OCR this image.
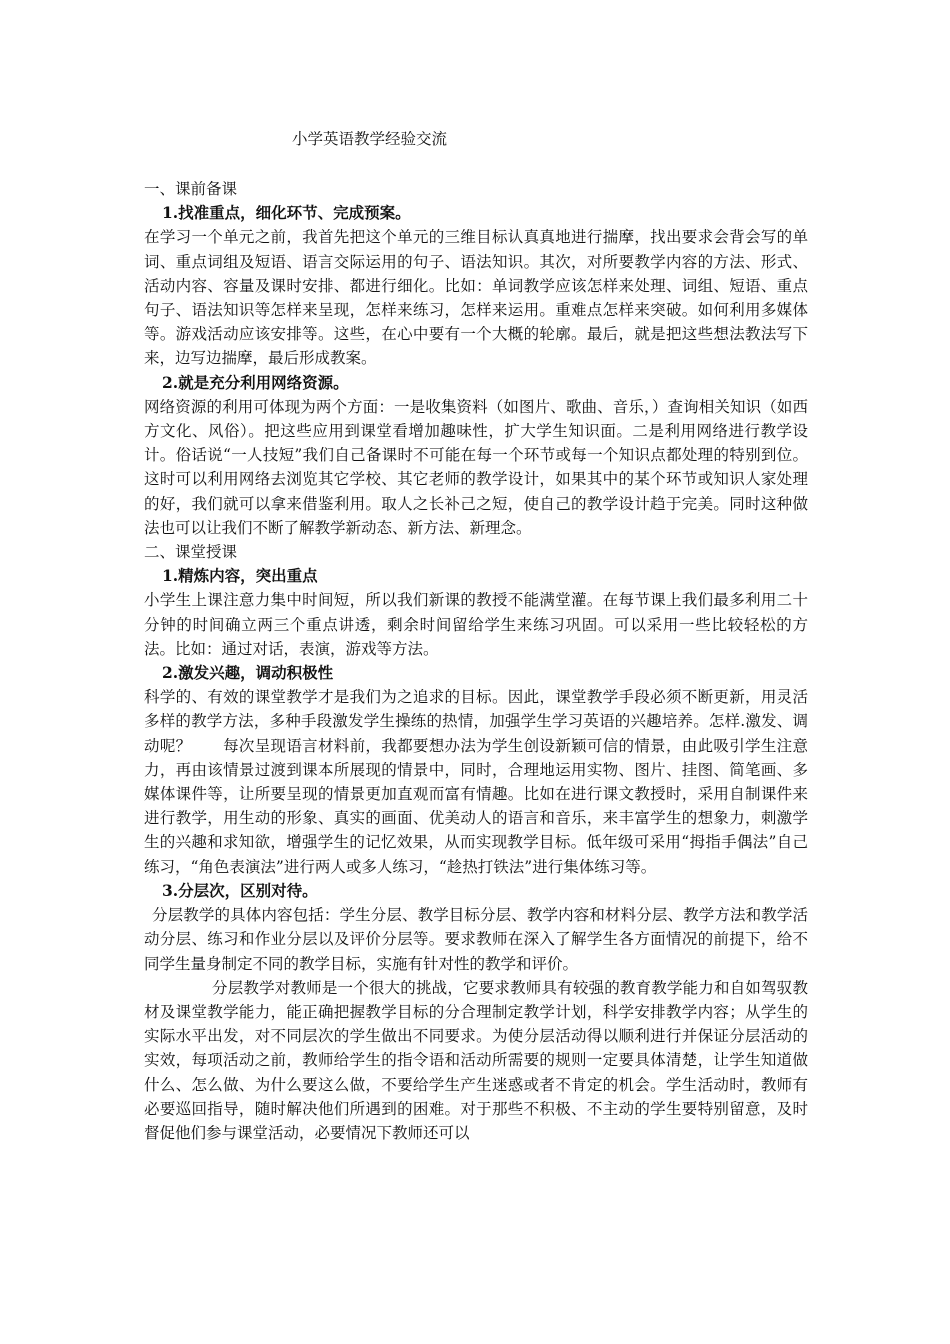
小学英语教学经验交流

一、课前备课

1.找准重点，细化环节、完成预案。

在学习一个单元之前，我首先把这个单元的三维目标认真真地进行揣摩，找出要求会背会写的单词、重点词组及短语、语言交际运用的句子、语法知识。其次，对所要教学内容的方法、形式、活动内容、容量及课时安排、都进行细化。比如：单词教学应该怎样来处理、词组、短语、重点句子、语法知识等怎样来呈现，怎样来练习，怎样来运用。重难点怎样来突破。如何利用多媒体等。游戏活动应该安排等。这些，在心中要有一个大概的轮廓。最后，就是把这些想法教法写下来，边写边揣摩，最后形成教案。

2.就是充分利用网络资源。

网络资源的利用可体现为两个方面：一是收集资料（如图片、歌曲、音乐，）查询相关知识（如西方文化、风俗）。把这些应用到课堂看增加趣味性，扩大学生知识面。二是利用网络进行教学设计。俗话说“一人技短”我们自己备课时不可能在每一个环节或每一个知识点都处理的特别到位。这时可以利用网络去浏览其它学校、其它老师的教学设计，如果其中的某个环节或知识人家处理的好，我们就可以拿来借鉴利用。取人之长补己之短，使自己的教学设计趋于完美。同时这种做法也可以让我们不断了解教学新动态、新方法、新理念。

二、课堂授课

1.精炼内容，突出重点

小学生上课注意力集中时间短，所以我们新课的教授不能满堂灌。在每节课上我们最多利用二十分钟的时间确立两三个重点讲透，剩余时间留给学生来练习巩固。可以采用一些比较轻松的方法。比如：通过对话，表演，游戏等方法。

2.激发兴趣，调动积极性

科学的、有效的课堂教学才是我们为之追求的目标。因此，课堂教学手段必须不断更新，用灵活多样的教学方法，多种手段激发学生操练的热情，加强学生学习英语的兴趣培养。怎样.激发、调动呢？　　每次呈现语言材料前，我都要想办法为学生创设新颖可信的情景，由此吸引学生注意力，再由该情景过渡到课本所展现的情景中，同时，合理地运用实物、图片、挂图、简笔画、多媒体课件等，让所要呈现的情景更加直观而富有情趣。比如在进行课文教授时，采用自制课件来进行教学，用生动的形象、真实的画面、优美动人的语言和音乐，来丰富学生的想象力，刺激学生的兴趣和求知欲，增强学生的记忆效果，从而实现教学目标。低年级可采用“拇指手偶法”自己练习，“角色表演法”进行两人或多人练习，“趁热打铁法”进行集体练习等。

3.分层次，区别对待。

分层教学的具体内容包括：学生分层、教学目标分层、教学内容和材料分层、教学方法和教学活动分层、练习和作业分层以及评价分层等。要求教师在深入了解学生各方面情况的前提下，给不同学生量身制定不同的教学目标，实施有针对性的教学和评价。

分层教学对教师是一个很大的挑战，它要求教师具有较强的教育教学能力和自如驾驭教材及课堂教学能力，能正确把握教学目标的分合理制定教学计划，科学安排教学内容；从学生的实际水平出发，对不同层次的学生做出不同要求。为使分层活动得以顺利进行并保证分层活动的实效，每项活动之前，教师给学生的指令语和活动所需要的规则一定要具体清楚，让学生知道做什么、怎么做、为什么要这么做，不要给学生产生迷惑或者不肯定的机会。学生活动时，教师有必要巡回指导，随时解决他们所遇到的困难。对于那些不积极、不主动的学生要特别留意，及时督促他们参与课堂活动，必要情况下教师还可以
